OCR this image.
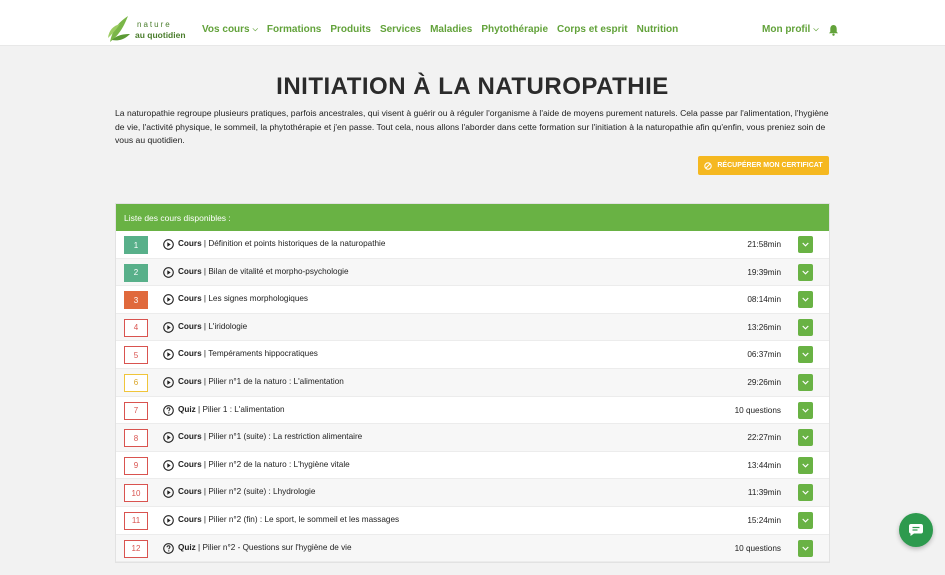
nature
au quotidien Vos cours ⌵ Formations Produits Services Maladies Phytothérapie Corps et esprit Nutrition	Mon profil ⌵
INITIATION À LA NATUROPATHIE

La naturopathie regroupe plusieurs pratiques, parfois ancestrales, qui visent à guérir ou à réguler l'organisme à l'aide de moyens purement naturels. Cela passe par l'alimentation, l'hygiène de vie, l'activité physique, le sommeil, la phytothérapie et j'en passe. Tout cela, nous allons l'aborder dans cette formation sur l'initiation à la naturopathie afin qu'enfin, vous preniez soin de vous au quotidien.

RÉCUPÉRER MON CERTIFICAT
Liste des cours disponibles :
1	Cours | Définition et points historiques de la naturopathie	21:58min
2	Cours | Bilan de vitalité et morpho-psychologie	19:39min
3	Cours | Les signes morphologiques	08:14min
4	Cours | L'iridologie	13:26min
5	Cours | Tempéraments hippocratiques	06:37min
6	Cours | Pilier n°1 de la naturo : L'alimentation	29:26min
7	Quiz | Pilier 1 : L'alimentation	10 questions
8	Cours | Pilier n°1 (suite) : La restriction alimentaire	22:27min
9	Cours | Pilier n°2 de la naturo : L'hygiène vitale	13:44min
10	Cours | Pilier n°2 (suite) : Lhydrologie	11:39min
11	Cours | Pilier n°2 (fin) : Le sport, le sommeil et les massages	15:24min
12	Quiz | Pilier n°2 - Questions sur l'hygiène de vie	10 questions
